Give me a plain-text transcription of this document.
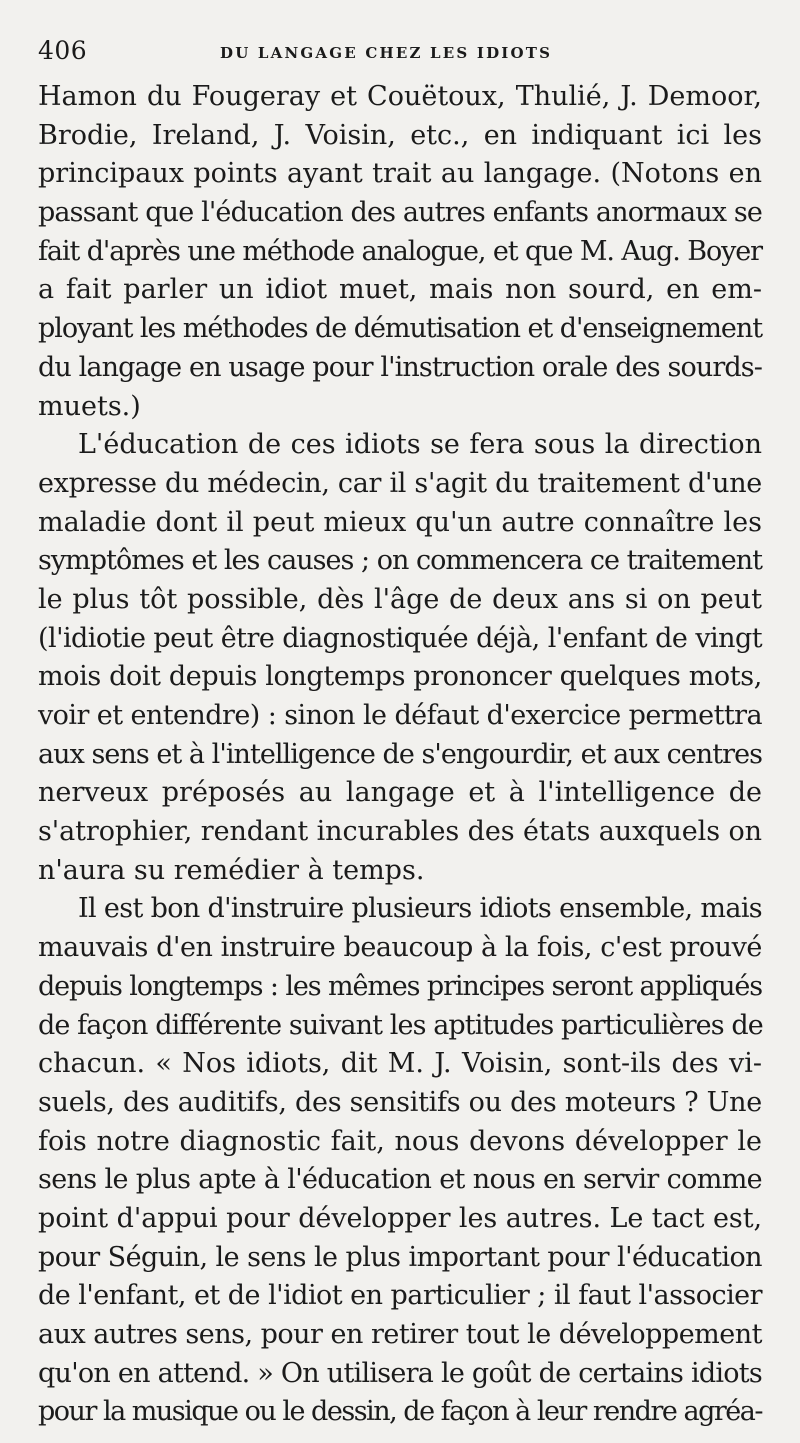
406	DU LANGAGE CHEZ LES IDIOTS
Hamon du Fougeray et Couëtoux, Thulié, J. Demoor,
Brodie, Ireland, J. Voisin, etc., en indiquant ici les
principaux points ayant trait au langage. (Notons en
passant que l'éducation des autres enfants anormaux se
fait d'après une méthode analogue, et que M. Aug. Boyer
a fait parler un idiot muet, mais non sourd, en em-
ployant les méthodes de démutisation et d'enseignement
du langage en usage pour l'instruction orale des sourds-
muets.)
L'éducation de ces idiots se fera sous la direction
expresse du médecin, car il s'agit du traitement d'une
maladie dont il peut mieux qu'un autre connaître les
symptômes et les causes ; on commencera ce traitement
le plus tôt possible, dès l'âge de deux ans si on peut
(l'idiotie peut être diagnostiquée déjà, l'enfant de vingt
mois doit depuis longtemps prononcer quelques mots,
voir et entendre) : sinon le défaut d'exercice permettra
aux sens et à l'intelligence de s'engourdir, et aux centres
nerveux préposés au langage et à l'intelligence de
s'atrophier, rendant incurables des états auxquels on
n'aura su remédier à temps.
Il est bon d'instruire plusieurs idiots ensemble, mais
mauvais d'en instruire beaucoup à la fois, c'est prouvé
depuis longtemps : les mêmes principes seront appliqués
de façon différente suivant les aptitudes particulières de
chacun. « Nos idiots, dit M. J. Voisin, sont-ils des vi-
suels, des auditifs, des sensitifs ou des moteurs ? Une
fois notre diagnostic fait, nous devons développer le
sens le plus apte à l'éducation et nous en servir comme
point d'appui pour développer les autres. Le tact est,
pour Séguin, le sens le plus important pour l'éducation
de l'enfant, et de l'idiot en particulier ; il faut l'associer
aux autres sens, pour en retirer tout le développement
qu'on en attend. » On utilisera le goût de certains idiots
pour la musique ou le dessin, de façon à leur rendre agréa-
